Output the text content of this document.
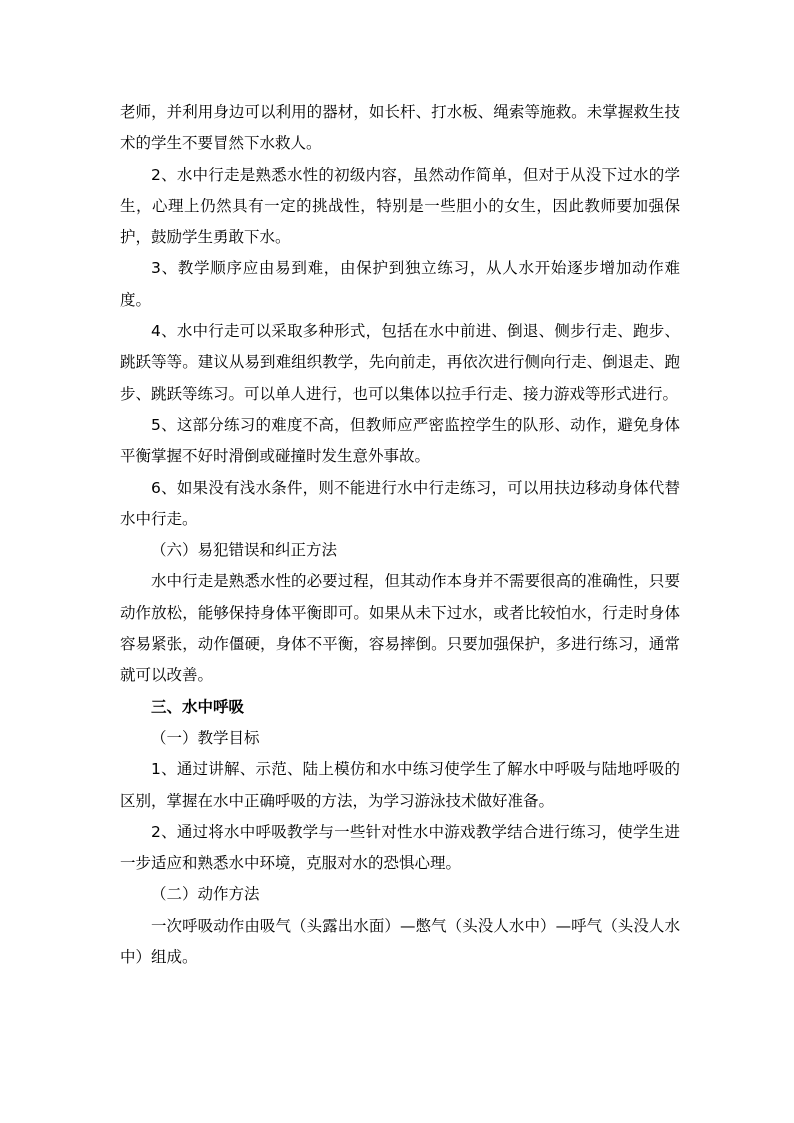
老师，并利用身边可以利用的器材，如长杆、打水板、绳索等施救。未掌握救生技术的学生不要冒然下水救人。

2、水中行走是熟悉水性的初级内容，虽然动作简单，但对于从没下过水的学生，心理上仍然具有一定的挑战性，特别是一些胆小的女生，因此教师要加强保护，鼓励学生勇敢下水。

3、教学顺序应由易到难，由保护到独立练习，从人水开始逐步增加动作难度。

4、水中行走可以采取多种形式，包括在水中前进、倒退、侧步行走、跑步、跳跃等等。建议从易到难组织教学，先向前走，再依次进行侧向行走、倒退走、跑步、跳跃等练习。可以单人进行，也可以集体以拉手行走、接力游戏等形式进行。

5、这部分练习的难度不高，但教师应严密监控学生的队形、动作，避免身体平衡掌握不好时滑倒或碰撞时发生意外事故。

6、如果没有浅水条件，则不能进行水中行走练习，可以用扶边移动身体代替水中行走。

（六）易犯错误和纠正方法

水中行走是熟悉水性的必要过程，但其动作本身并不需要很高的准确性，只要动作放松，能够保持身体平衡即可。如果从未下过水，或者比较怕水，行走时身体容易紧张，动作僵硬，身体不平衡，容易摔倒。只要加强保护，多进行练习，通常就可以改善。

三、水中呼吸

（一）教学目标

1、通过讲解、示范、陆上模仿和水中练习使学生了解水中呼吸与陆地呼吸的区别，掌握在水中正确呼吸的方法，为学习游泳技术做好准备。

2、通过将水中呼吸教学与一些针对性水中游戏教学结合进行练习，使学生进一步适应和熟悉水中环境，克服对水的恐惧心理。

（二）动作方法

一次呼吸动作由吸气（头露出水面）—憋气（头没人水中）—呼气（头没人水中）组成。
